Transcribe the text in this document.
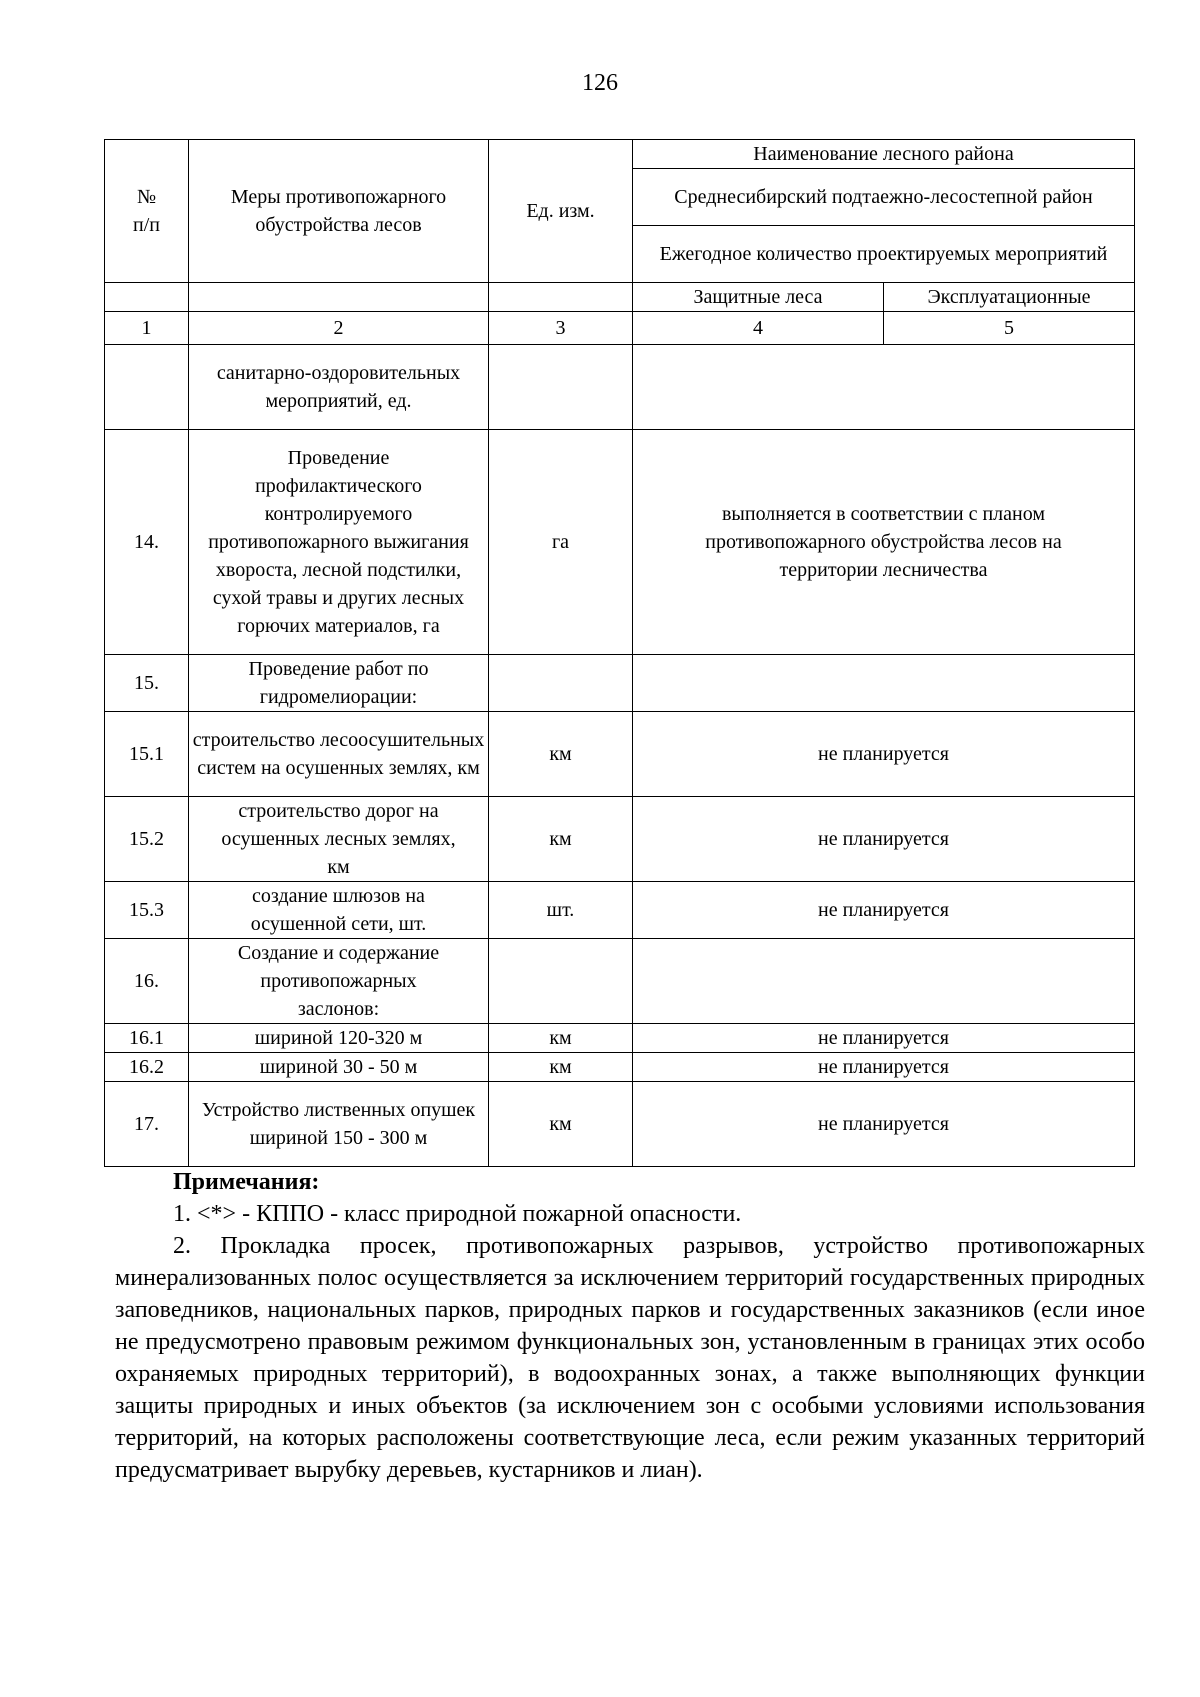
126
№ п/п	Меры противопожарного обустройства лесов	Ед. изм.	Наименование лесного района	
			Среднесибирский подтаежно-лесостепной район	
			Ежегодное количество проектируемых мероприятий	
			Защитные леса	Эксплуатационные
1	2	3	4	5
	санитарно-оздоровительных мероприятий, ед.			
14.	Проведение профилактического контролируемого противопожарного выжигания хвороста, лесной подстилки, сухой травы и других лесных горючих материалов, га	га	выполняется в соответствии с планом противопожарного обустройства лесов на территории лесничества	
15.	Проведение работ по гидромелиорации:			
15.1	строительство лесоосушительных систем на осушенных землях, км	км	не планируется	
15.2	строительство дорог на осушенных лесных землях, км	км	не планируется	
15.3	создание шлюзов на осушенной сети, шт.	шт.	не планируется	
16.	Создание и содержание противопожарных заслонов:			
16.1	шириной 120-320 м	км	не планируется	
16.2	шириной 30 - 50 м	км	не планируется	
17.	Устройство лиственных опушек шириной 150 - 300 м	км	не планируется	
Примечания:
1. <*> - КППО - класс природной пожарной опасности.
2. Прокладка просек, противопожарных разрывов, устройство противопожарных минерализованных полос осуществляется за исключением территорий государственных природных заповедников, национальных парков, природных парков и государственных заказников (если иное не предусмотрено правовым режимом функциональных зон, установленным в границах этих особо охраняемых природных территорий), в водоохранных зонах, а также выполняющих функции защиты природных и иных объектов (за исключением зон с особыми условиями использования территорий, на которых расположены соответствующие леса, если режим указанных территорий предусматривает вырубку деревьев, кустарников и лиан).
